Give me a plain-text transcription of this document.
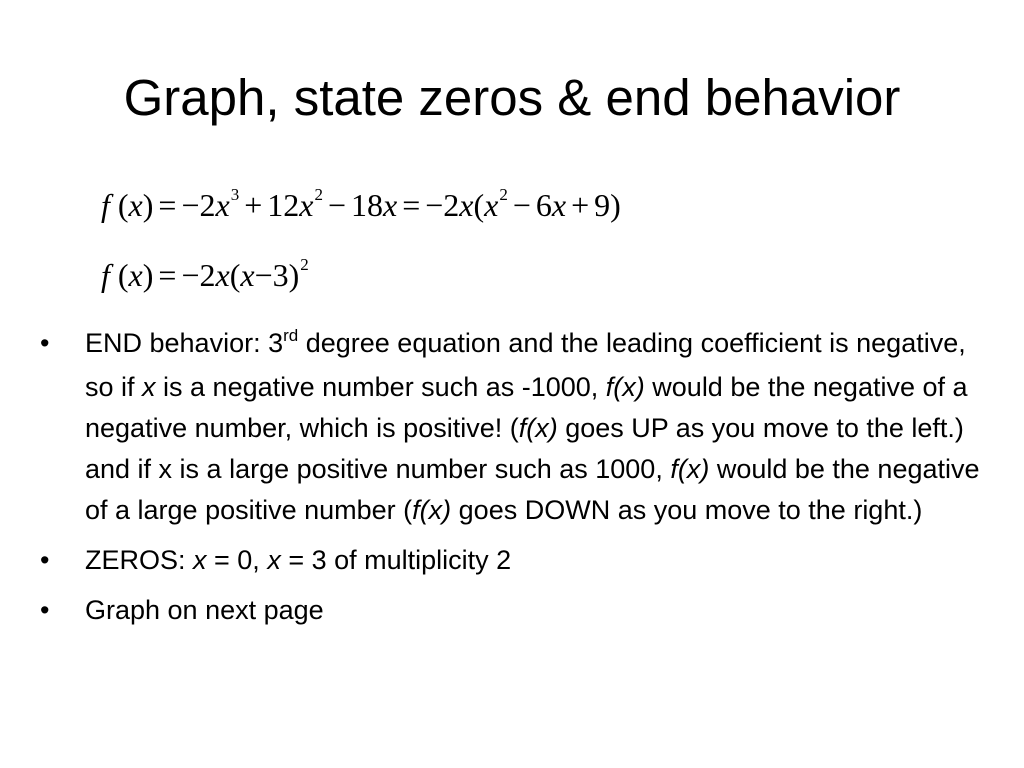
Graph, state zeros & end behavior
f $(x) = -2x^3 + 12x^2 - 18x = -2x(x^2 - 6x + 9)$
f $(x) = -2x(x-3)^2$
• END behavior: 3rd degree equation and the leading coefficient is negative, so if x is a negative number such as -1000, f(x) would be the negative of a negative number, which is positive! (f(x) goes UP as you move to the left.) and if x is a large positive number such as 1000, f(x) would be the negative of a large positive number (f(x) goes DOWN as you move to the right.)
• ZEROS: x = 0, x = 3 of multiplicity 2
• Graph on next page
